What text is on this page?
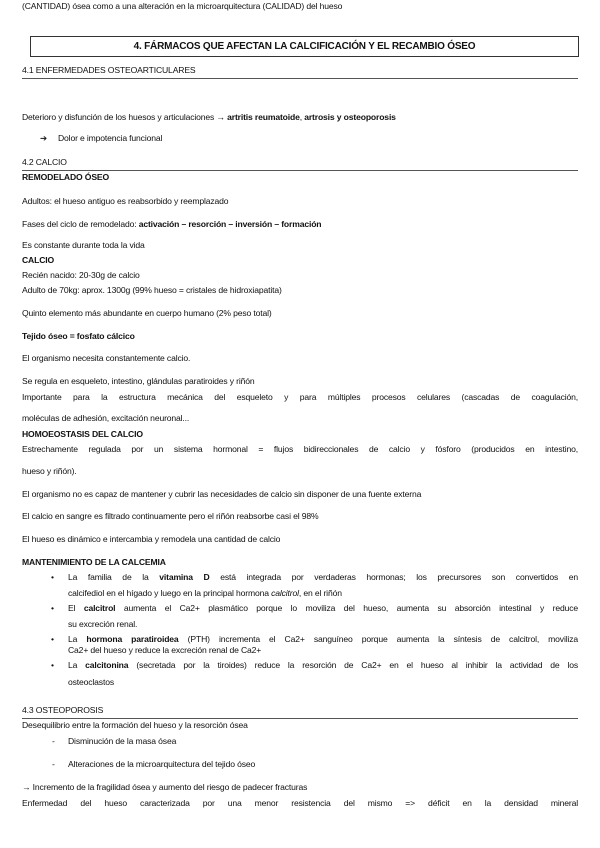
4. FÁRMACOS QUE AFECTAN LA CALCIFICACIÓN Y EL RECAMBIO ÓSEO
4.1 ENFERMEDADES OSTEOARTICULARES
Deterioro y disfunción de los huesos y articulaciones → artritis reumatoide, artrosis y osteoporosis
Dolor e impotencia funcional
➔
4.2 CALCIO
REMODELADO ÓSEO
Adultos: el hueso antiguo es reabsorbido y reemplazado
Fases del ciclo de remodelado: activación – resorción – inversión – formación
Es constante durante toda la vida
CALCIO
Recién nacido: 20-30g de calcio
Adulto de 70kg: aprox. 1300g (99% hueso = cristales de hidroxiapatita)
Quinto elemento más abundante en cuerpo humano (2% peso total)
Tejido óseo = fosfato cálcico
El organismo necesita constantemente calcio.
Se regula en esqueleto, intestino, glándulas paratiroides y riñón
Importante para la estructura mecánica del esqueleto y para múltiples procesos celulares (cascadas de coagulación,
moléculas de adhesión, excitación neuronal...
HOMOEOSTASIS DEL CALCIO
Estrechamente regulada por un sistema hormonal = flujos bidireccionales de calcio y fósforo (producidos en intestino,
hueso y riñón).
El organismo no es capaz de mantener y cubrir las necesidades de calcio sin disponer de una fuente externa
El calcio en sangre es filtrado continuamente pero el riñón reabsorbe casi el 98%
El hueso es dinámico e intercambia y remodela una cantidad de calcio
MANTENIMIENTO DE LA CALCEMIA
La familia de la vitamina D está integrada por verdaderas hormonas; los precursores son convertidos en
•
calcifediol en el hígado y luego en la principal hormona calcitrol, en el riñón
El calcitrol aumenta el Ca2+ plasmático porque lo moviliza del hueso, aumenta su absorción intestinal y reduce
•
su excreción renal.
La hormona paratiroidea (PTH) incrementa el Ca2+ sanguíneo porque aumenta la síntesis de calcitrol, moviliza
•
Ca2+ del hueso y reduce la excreción renal de Ca2+
La calcitonina (secretada por la tiroides) reduce la resorción de Ca2+ en el hueso al inhibir la actividad de los
•
osteoclastos
4.3 OSTEOPOROSIS
Desequilibrio entre la formación del hueso y la resorción ósea
Disminución de la masa ósea
-
Alteraciones de la microarquitectura del tejido óseo
-
→ Incremento de la fragilidad ósea y aumento del riesgo de padecer fracturas
Enfermedad del hueso caracterizada por una menor resistencia del mismo => déficit en la densidad mineral
(CANTIDAD) ósea como a una alteración en la microarquitectura (CALIDAD) del hueso
